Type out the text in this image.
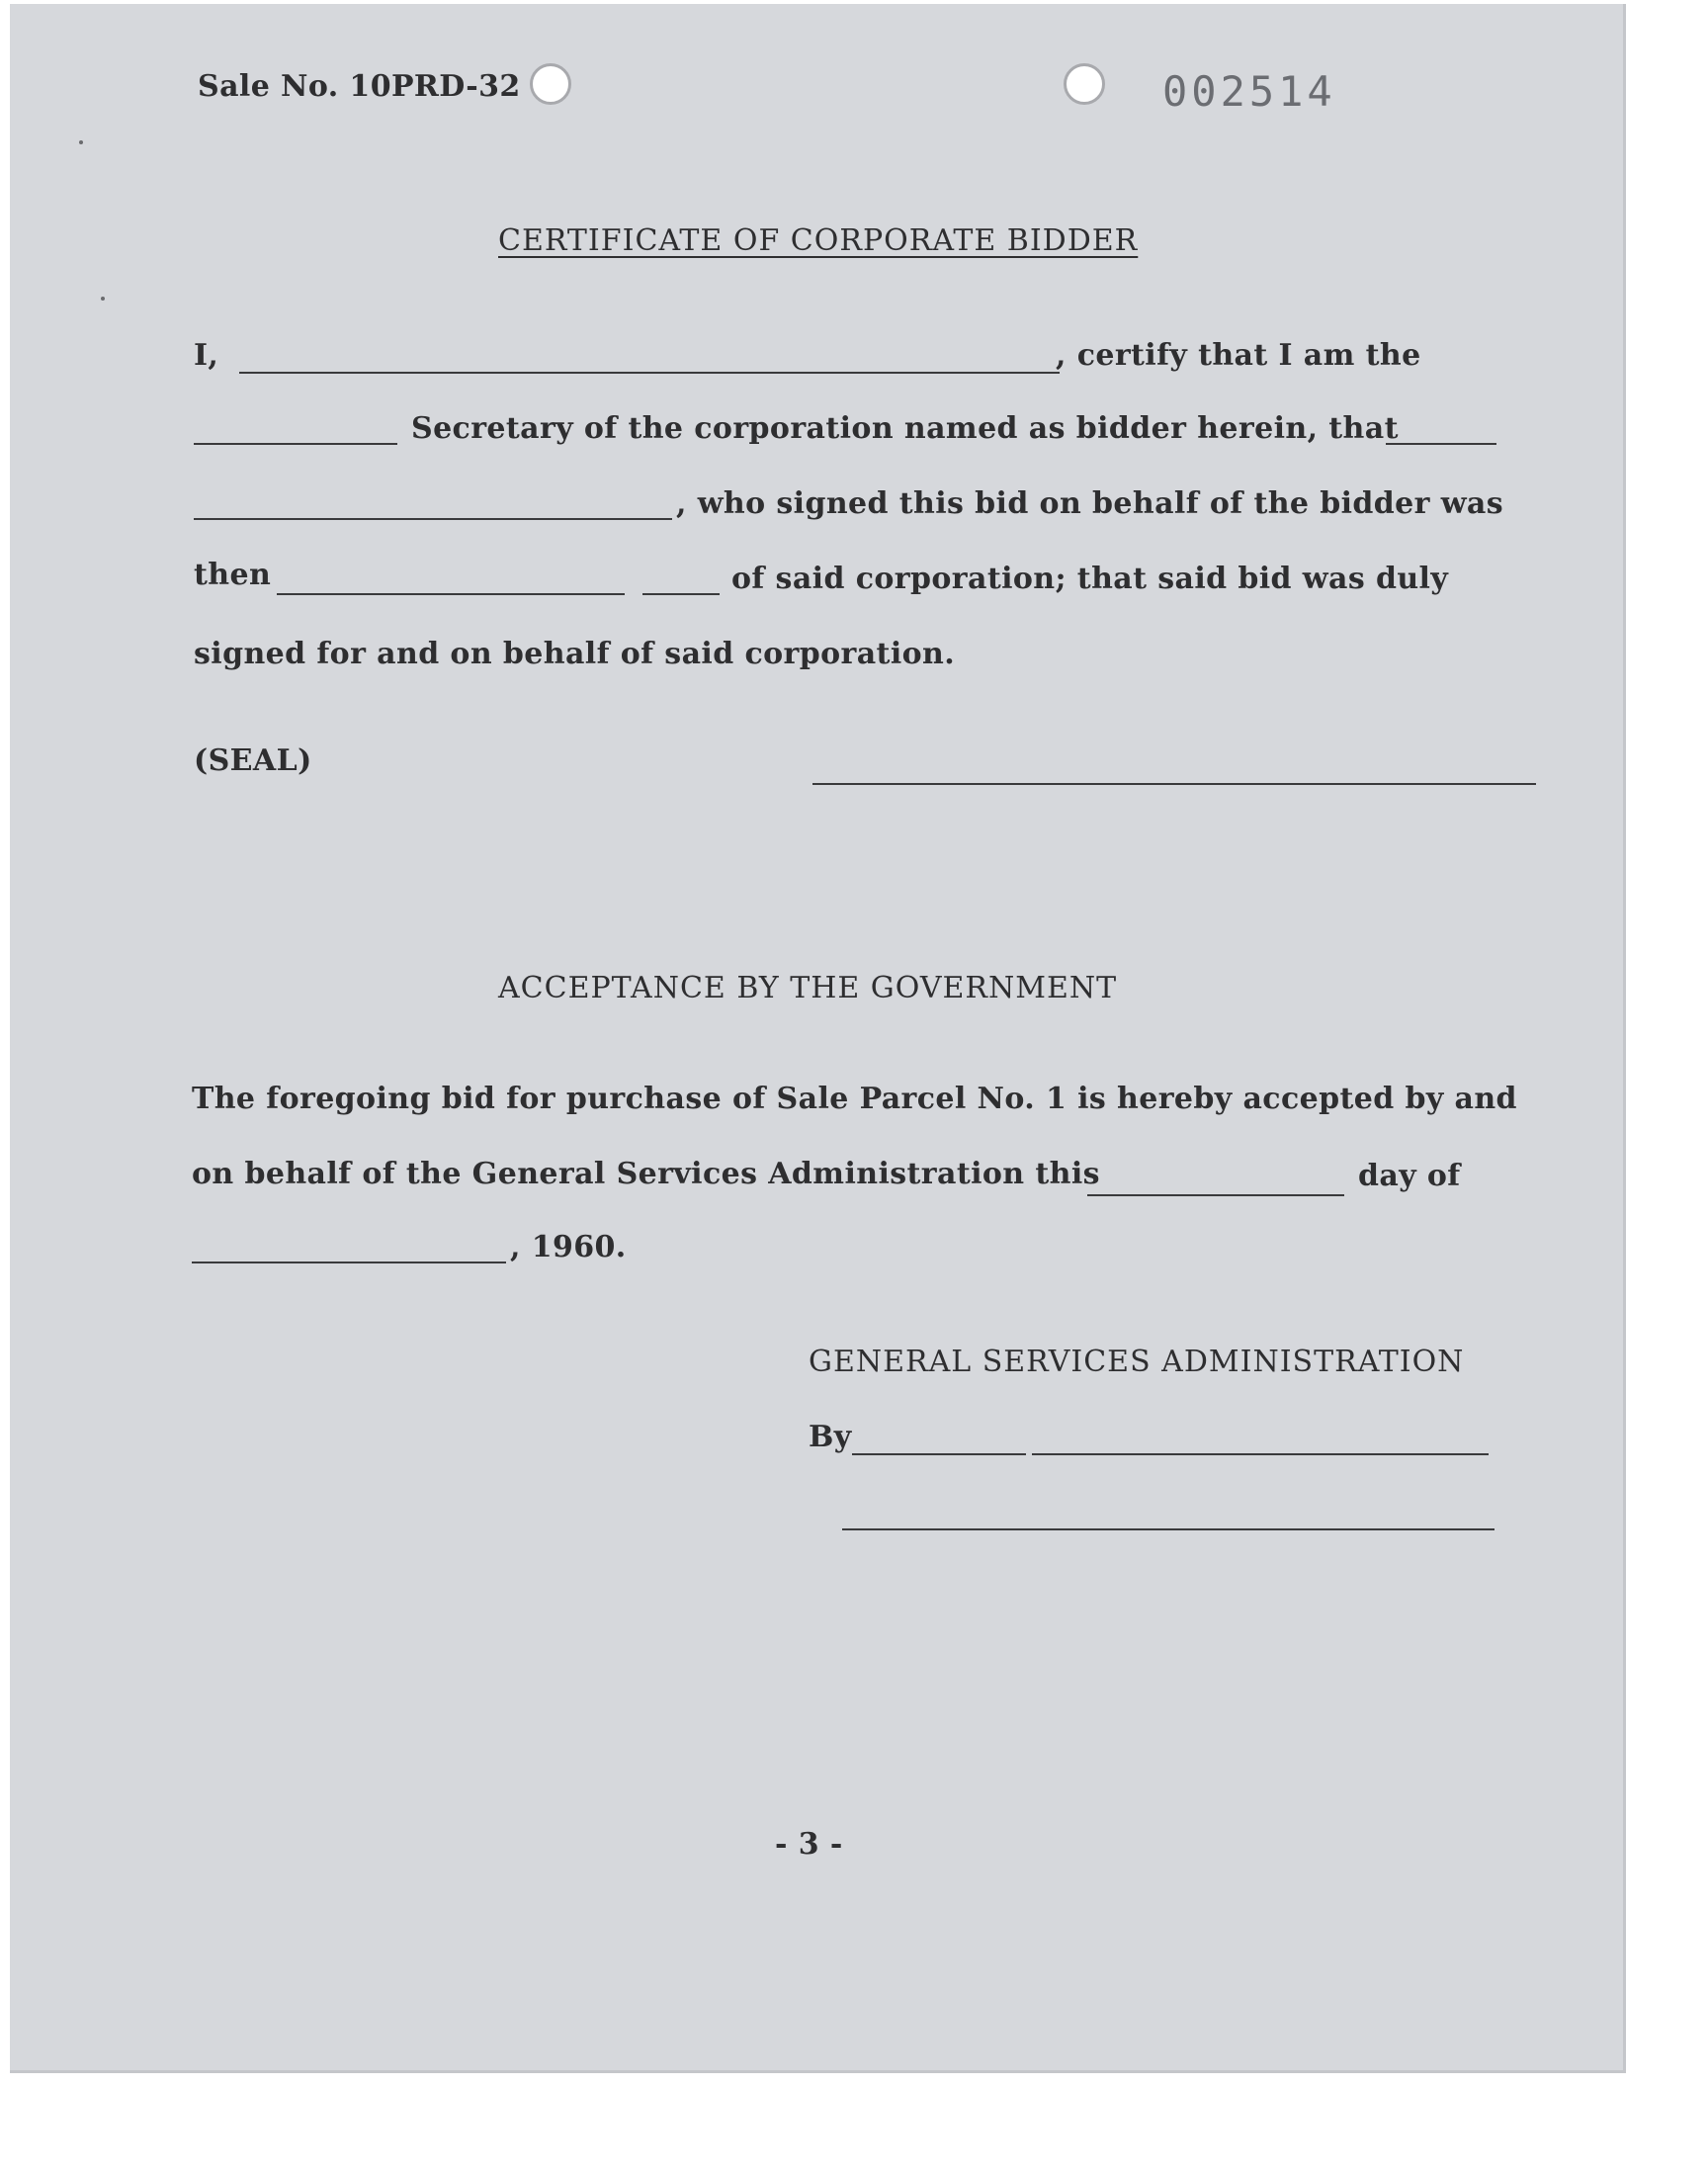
Sale No. 10PRD-32	002514
CERTIFICATE OF CORPORATE BIDDER
I,	, certify that I am the
Secretary of the corporation named as bidder herein, that
, who signed this bid on behalf of the bidder was
then	of said corporation; that said bid was duly
signed for and on behalf of said corporation.
(SEAL)
ACCEPTANCE BY THE GOVERNMENT
The foregoing bid for purchase of Sale Parcel No. 1 is hereby accepted by and
on behalf of the General Services Administration this	day of
, 1960.
GENERAL SERVICES ADMINISTRATION
By
- 3 -
